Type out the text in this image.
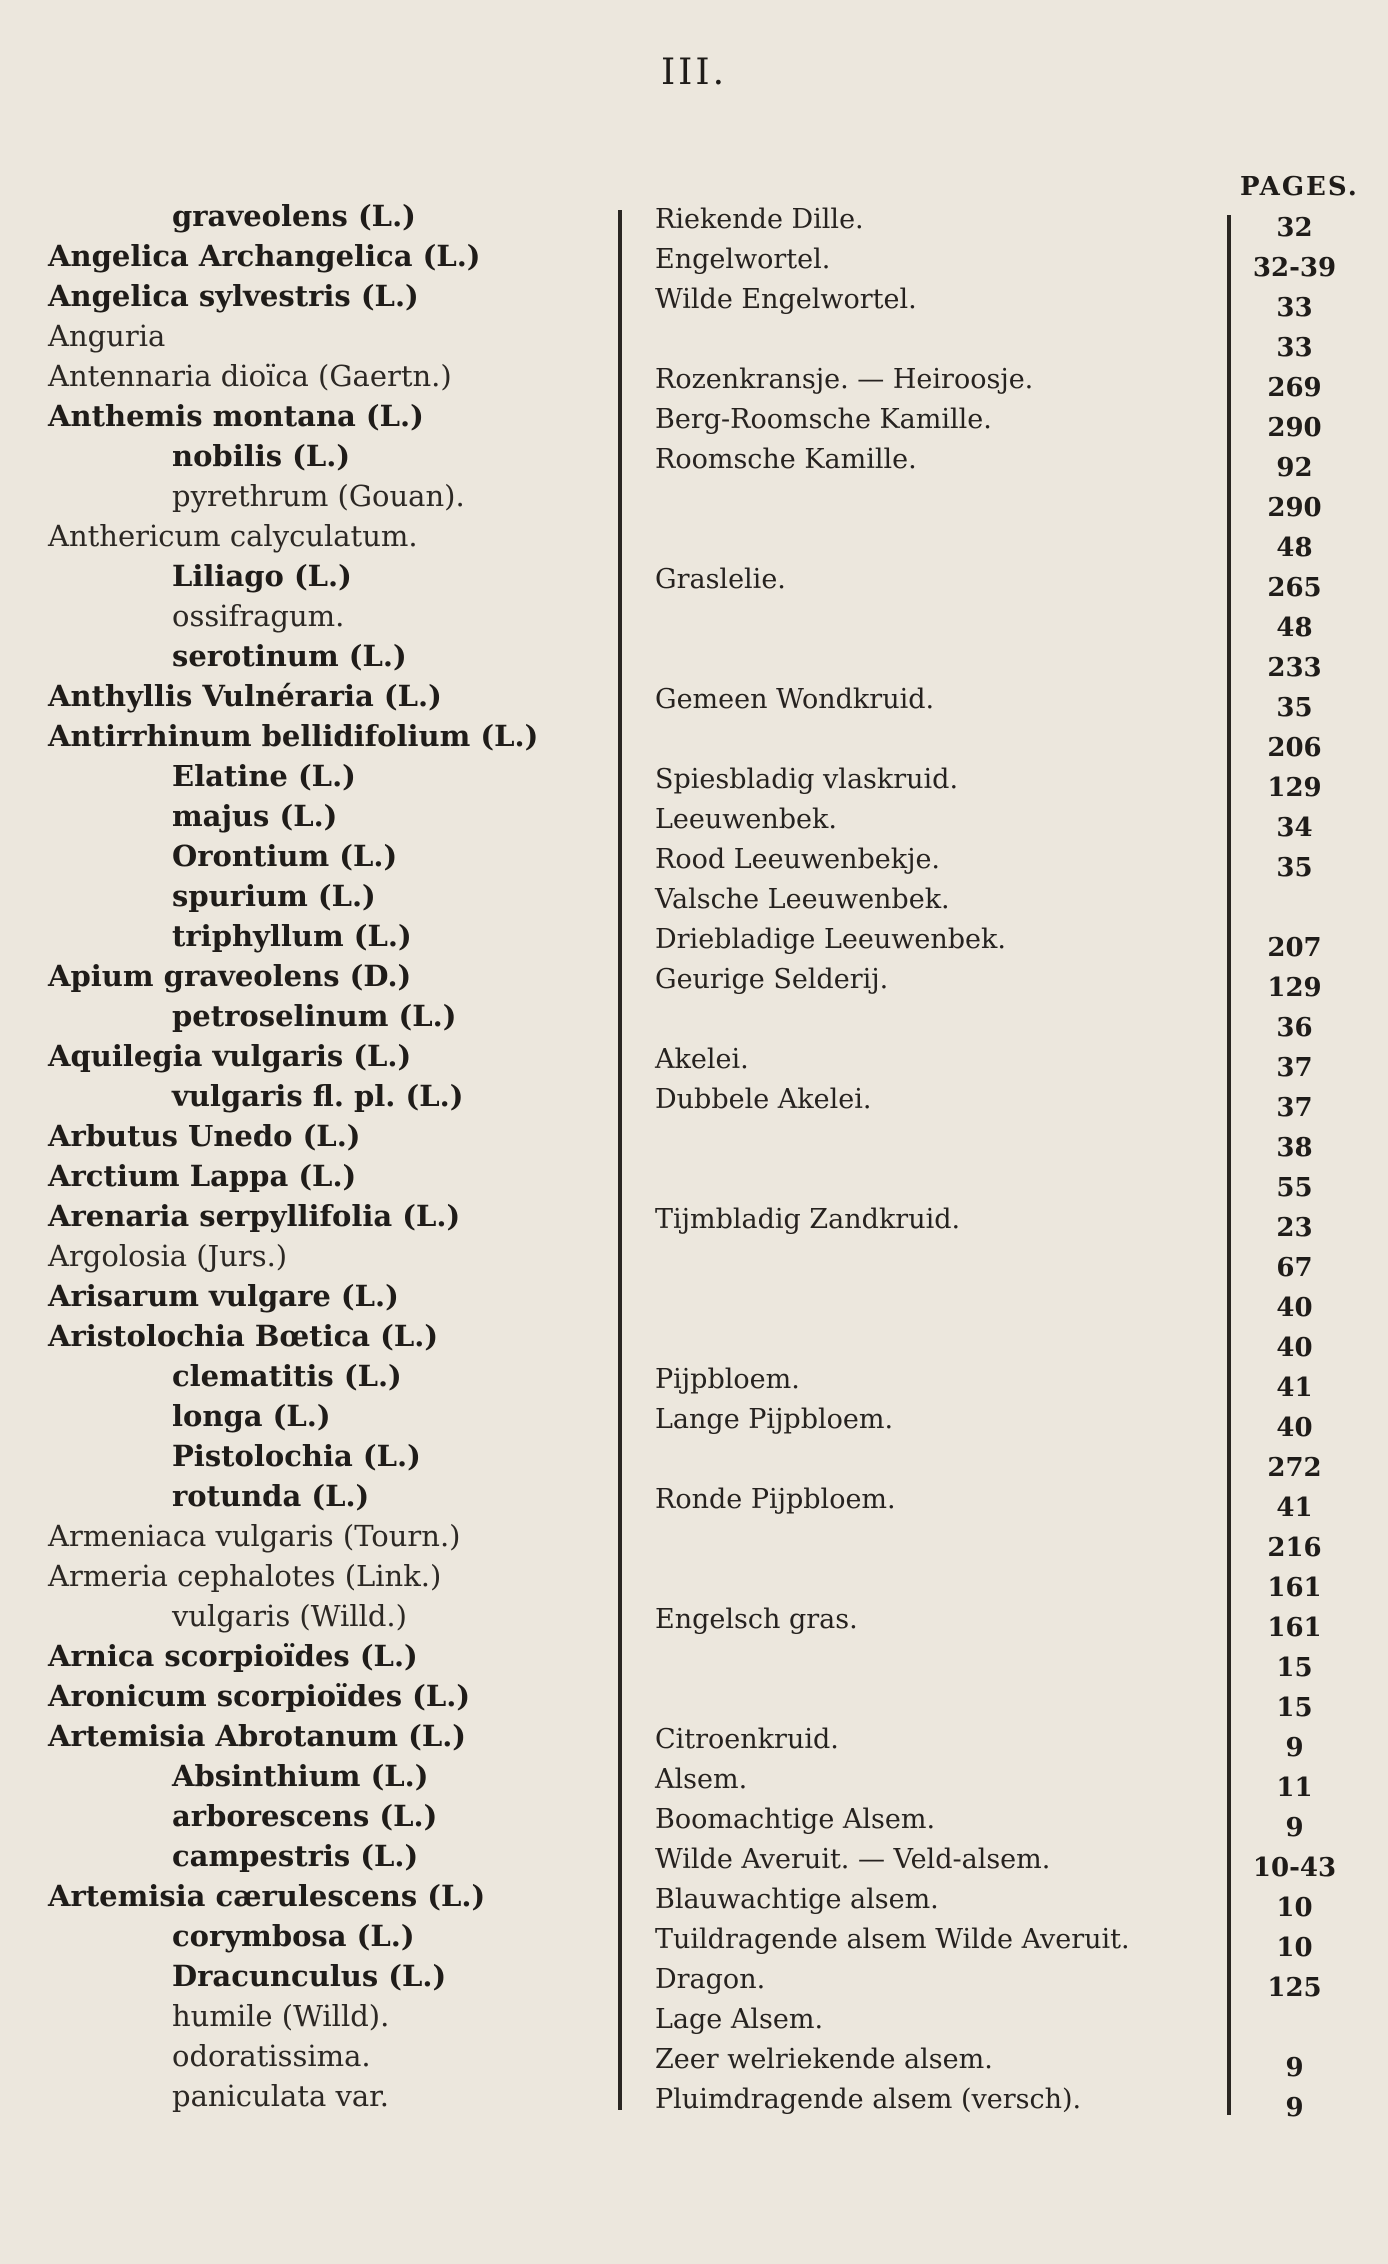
III.
PAGES.
graveolens (L.)	Riekende Dille.	32
Angelica Archangelica (L.)	Engelwortel.	32-39
Angelica sylvestris (L.)	Wilde Engelwortel.	33
Anguria	33
Antennaria dioïca (Gaertn.)	Rozenkransje. — Heiroosje.	269
Anthemis montana (L.)	Berg-Roomsche Kamille.	290
nobilis (L.)	Roomsche Kamille.	92
pyrethrum (Gouan).	290
Anthericum calyculatum.	48
Liliago (L.)	Graslelie.	265
ossifragum.	48
serotinum (L.)	233
Anthyllis Vulnéraria (L.)	Gemeen Wondkruid.	35
Antirrhinum bellidifolium (L.)	206
Elatine (L.)	Spiesbladig vlaskruid.	129
majus (L.)	Leeuwenbek.	34
Orontium (L.)	Rood Leeuwenbekje.	35
spurium (L.)	Valsche Leeuwenbek.
triphyllum (L.)	Driebladige Leeuwenbek.	207
Apium graveolens (D.)	Geurige Selderij.	129
petroselinum (L.)	36
Aquilegia vulgaris (L.)	Akelei.	37
vulgaris fl. pl. (L.)	Dubbele Akelei.	37
Arbutus Unedo (L.)	38
Arctium Lappa (L.)	55
Arenaria serpyllifolia (L.)	Tijmbladig Zandkruid.	23
Argolosia (Jurs.)	67
Arisarum vulgare (L.)	40
Aristolochia Bœtica (L.)	40
clematitis (L.)	Pijpbloem.	41
longa (L.)	Lange Pijpbloem.	40
Pistolochia (L.)	272
rotunda (L.)	Ronde Pijpbloem.	41
Armeniaca vulgaris (Tourn.)	216
Armeria cephalotes (Link.)	161
vulgaris (Willd.)	Engelsch gras.	161
Arnica scorpioïdes (L.)	15
Aronicum scorpioïdes (L.)	15
Artemisia Abrotanum (L.)	Citroenkruid.	9
Absinthium (L.)	Alsem.	11
arborescens (L.)	Boomachtige Alsem.	9
campestris (L.)	Wilde Averuit. — Veld-alsem.	10-43
Artemisia cærulescens (L.)	Blauwachtige alsem.	10
corymbosa (L.)	Tuildragende alsem Wilde Averuit.	10
Dracunculus (L.)	Dragon.	125
humile (Willd).	Lage Alsem.
odoratissima.	Zeer welriekende alsem.	9
paniculata var.	Pluimdragende alsem (versch).	9
